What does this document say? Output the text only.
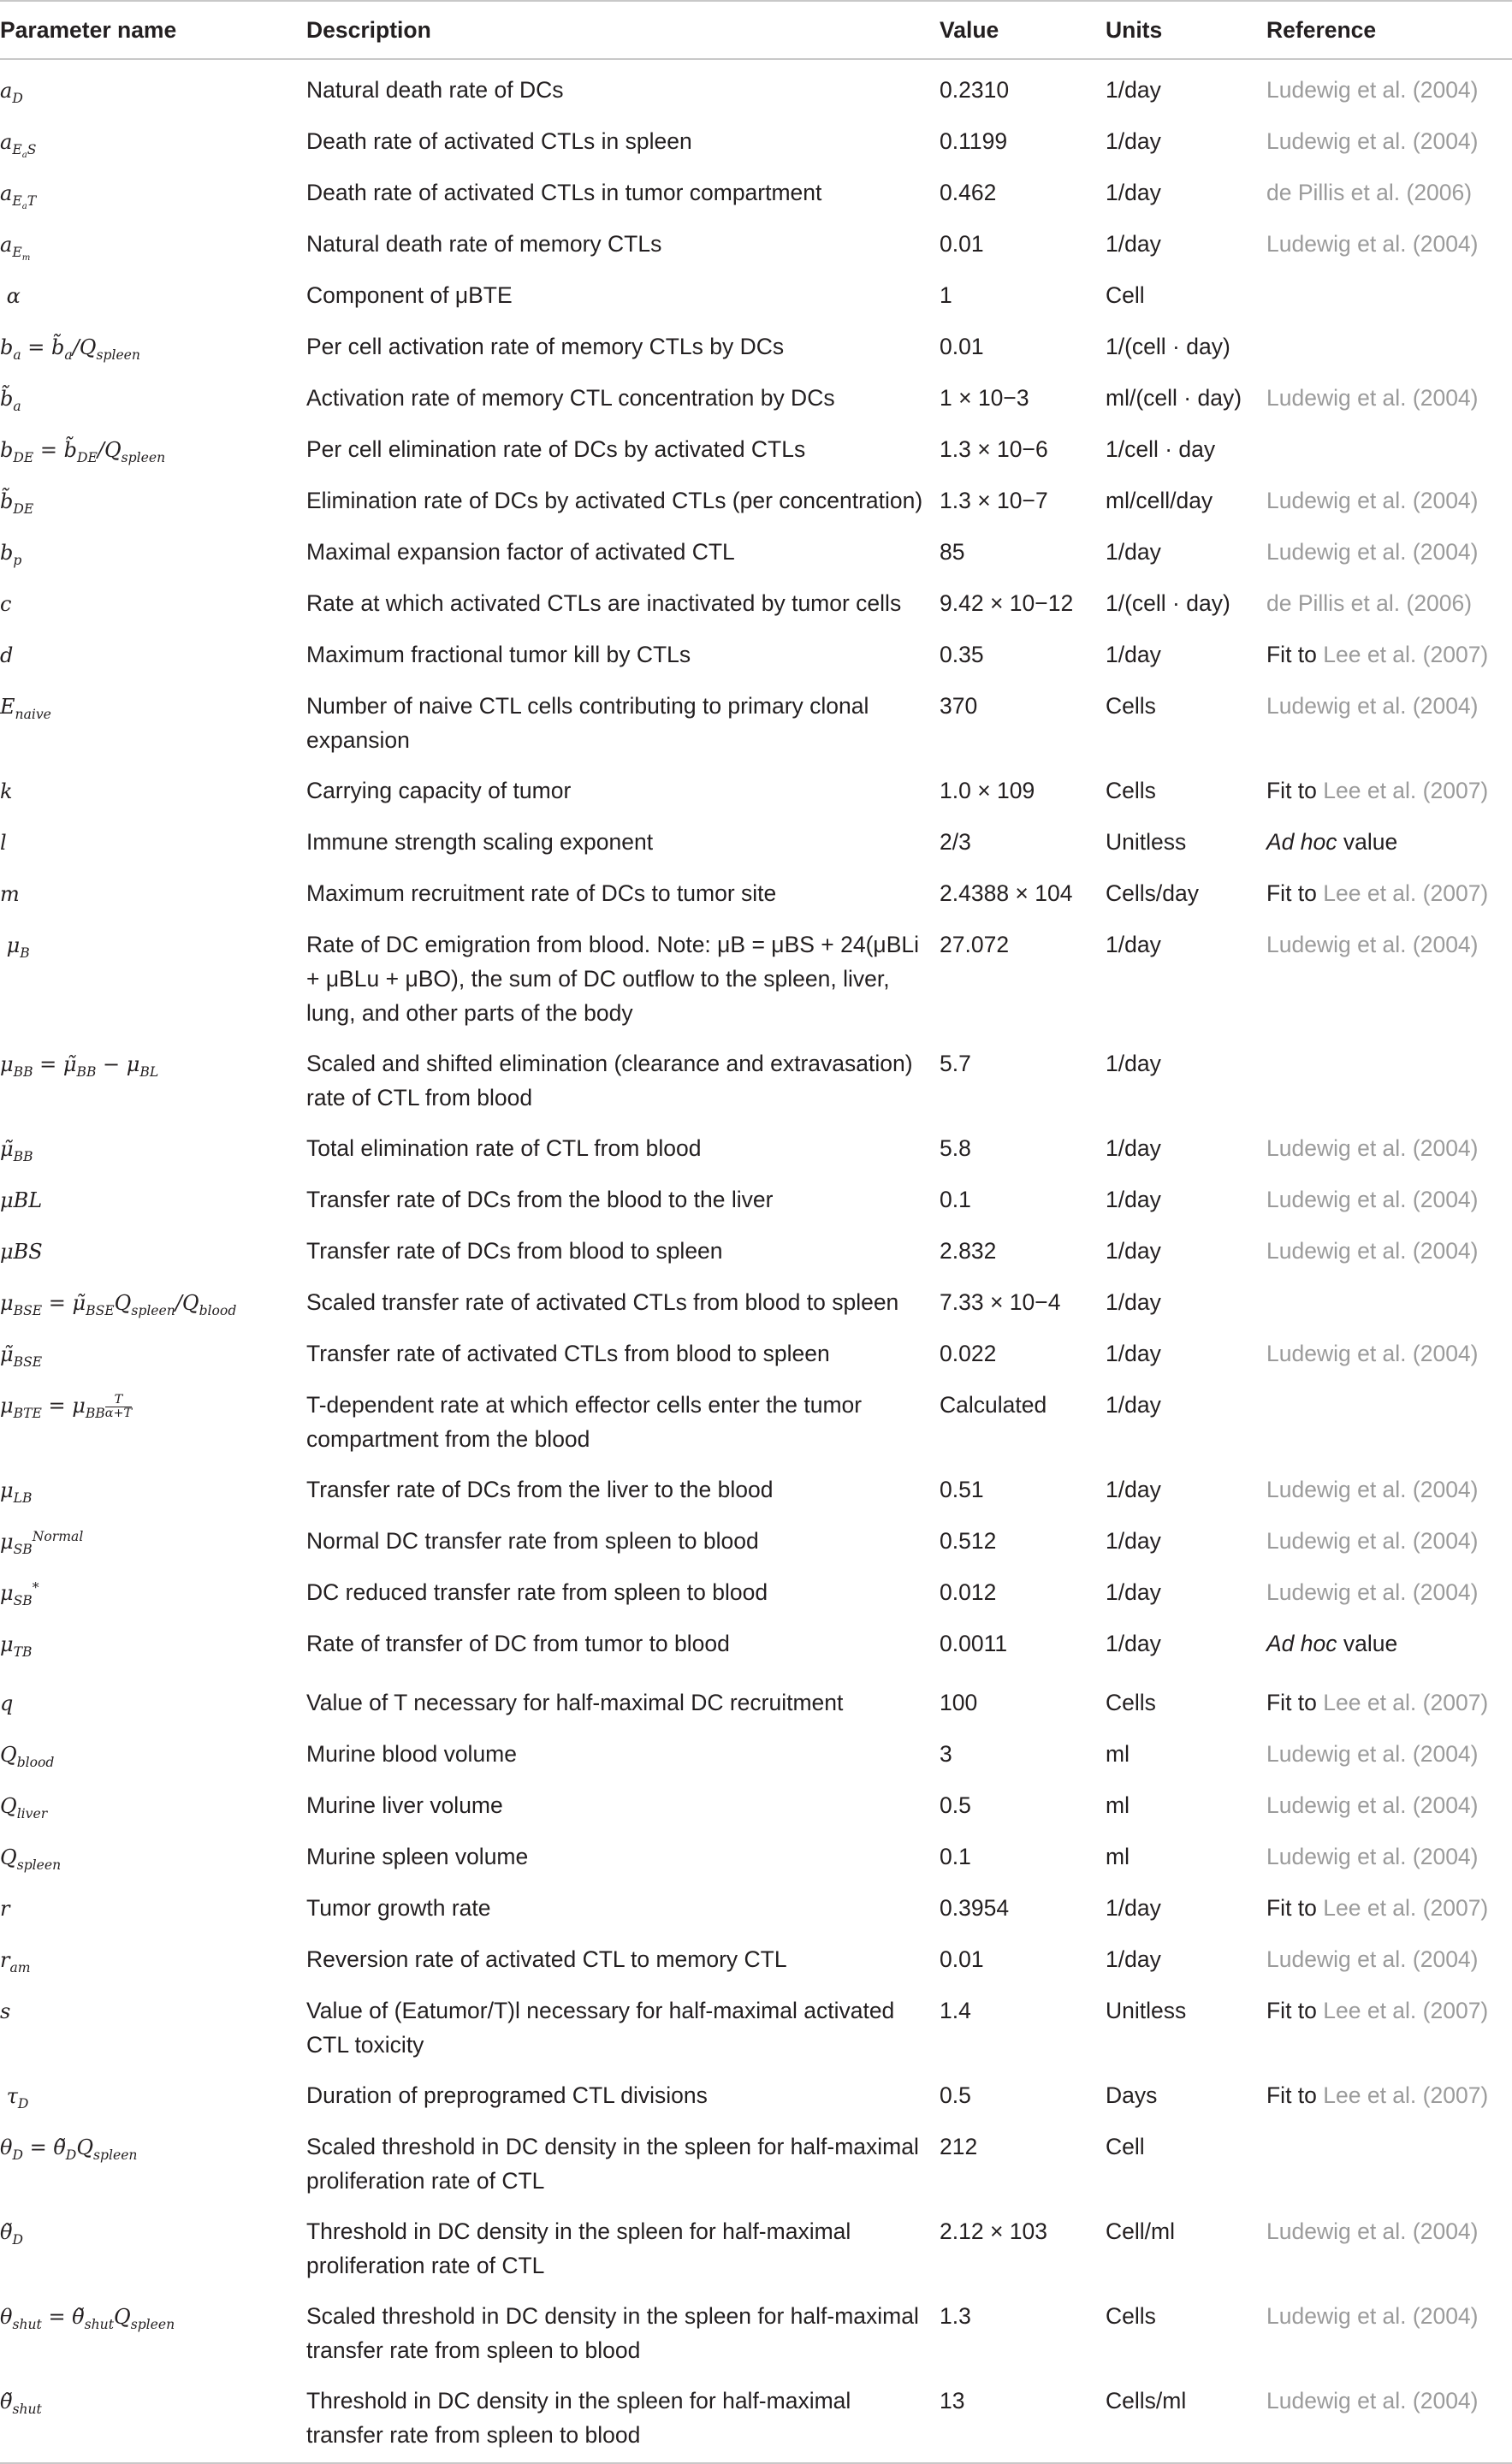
Parameter name	Description	Value	Units	Reference
$a_D$	Natural death rate of DCs	0.2310	1/day	Ludewig et al. (2004)
$a_{E_aS}$	Death rate of activated CTLs in spleen	0.1199	1/day	Ludewig et al. (2004)
$a_{E_aT}$	Death rate of activated CTLs in tumor compartment	0.462	1/day	de Pillis et al. (2006)
$a_{E_m}$	Natural death rate of memory CTLs	0.01	1/day	Ludewig et al. (2004)
α	Component of μBTE	1	Cell	
$b_a$ = $b̃_a/Q_{spleen}$	Per cell activation rate of memory CTLs by DCs	0.01	1/(cell · day)	
$b̃_a$	Activation rate of memory CTL concentration by DCs	1 × 10−3	ml/(cell · day)	Ludewig et al. (2004)
$b_{DE}$ = $b̃_{DE}/Q_{spleen}$	Per cell elimination rate of DCs by activated CTLs	1.3 × 10−6	1/cell · day	
$b̃_{DE}$	Elimination rate of DCs by activated CTLs (per concentration)	1.3 × 10−7	ml/cell/day	Ludewig et al. (2004)
$b_p$	Maximal expansion factor of activated CTL	85	1/day	Ludewig et al. (2004)
c	Rate at which activated CTLs are inactivated by tumor cells	9.42 × 10−12	1/(cell · day)	de Pillis et al. (2006)
d	Maximum fractional tumor kill by CTLs	0.35	1/day	Fit to Lee et al. (2007)
$E_{naive}$	Number of naive CTL cells contributing to primary clonal expansion	370	Cells	Ludewig et al. (2004)
k	Carrying capacity of tumor	1.0 × 109	Cells	Fit to Lee et al. (2007)
l	Immune strength scaling exponent	2/3	Unitless	Ad hoc value
m	Maximum recruitment rate of DCs to tumor site	2.4388 × 104	Cells/day	Fit to Lee et al. (2007)
$\mu_B$	Rate of DC emigration from blood. Note: μB = μBS + 24(μBLi + μBLu + μBO), the sum of DC outflow to the spleen, liver, lung, and other parts of the body	27.072	1/day	Ludewig et al. (2004)
$\mu_{BB}$ = $\mũ_{BB} - \mu_{BL}$	Scaled and shifted elimination (clearance and extravasation) rate of CTL from blood	5.7	1/day	
$\mũ_{BB}$	Total elimination rate of CTL from blood	5.8	1/day	Ludewig et al. (2004)
μBL	Transfer rate of DCs from the blood to the liver	0.1	1/day	Ludewig et al. (2004)
μBS	Transfer rate of DCs from blood to spleen	2.832	1/day	Ludewig et al. (2004)
$\mu_{BSE}$ = $\mũ_{BSE}Q_{spleen}/Q_{blood}$	Scaled transfer rate of activated CTLs from blood to spleen	7.33 × 10−4	1/day	
$\mũ_{BSE}$	Transfer rate of activated CTLs from blood to spleen	0.022	1/day	Ludewig et al. (2004)
$\mu_{BTE} = \mu_{BB} \frac{T}{\alpha+T}$	T-dependent rate at which effector cells enter the tumor compartment from the blood	Calculated	1/day	
$\mu_{LB}$	Transfer rate of DCs from the liver to the blood	0.51	1/day	Ludewig et al. (2004)
$\mu_{SB}^{Normal}$	Normal DC transfer rate from spleen to blood	0.512	1/day	Ludewig et al. (2004)
$\mu_{SB}^*$	DC reduced transfer rate from spleen to blood	0.012	1/day	Ludewig et al. (2004)
$\mu_{TB}$	Rate of transfer of DC from tumor to blood	0.0011	1/day	Ad hoc value
q	Value of T necessary for half-maximal DC recruitment	100	Cells	Fit to Lee et al. (2007)
$Q_{blood}$	Murine blood volume	3	ml	Ludewig et al. (2004)
$Q_{liver}$	Murine liver volume	0.5	ml	Ludewig et al. (2004)
$Q_{spleen}$	Murine spleen volume	0.1	ml	Ludewig et al. (2004)
r	Tumor growth rate	0.3954	1/day	Fit to Lee et al. (2007)
$r_{am}$	Reversion rate of activated CTL to memory CTL	0.01	1/day	Ludewig et al. (2004)
s	Value of (Eatumor/T)l necessary for half-maximal activated CTL toxicity	1.4	Unitless	Fit to Lee et al. (2007)
$\tau_D$	Duration of preprogramed CTL divisions	0.5	Days	Fit to Lee et al. (2007)
$\theta_D$ = $\thetã_DQ_{spleen}$	Scaled threshold in DC density in the spleen for half-maximal proliferation rate of CTL	212	Cell	
$\thetã_D$	Threshold in DC density in the spleen for half-maximal proliferation rate of CTL	2.12 × 103	Cell/ml	Ludewig et al. (2004)
$\theta_{shut}$ = $\thetã_{shut}Q_{spleen}$	Scaled threshold in DC density in the spleen for half-maximal transfer rate from spleen to blood	1.3	Cells	Ludewig et al. (2004)
$\thetã_{shut}$	Threshold in DC density in the spleen for half-maximal transfer rate from spleen to blood	13	Cells/ml	Ludewig et al. (2004)
